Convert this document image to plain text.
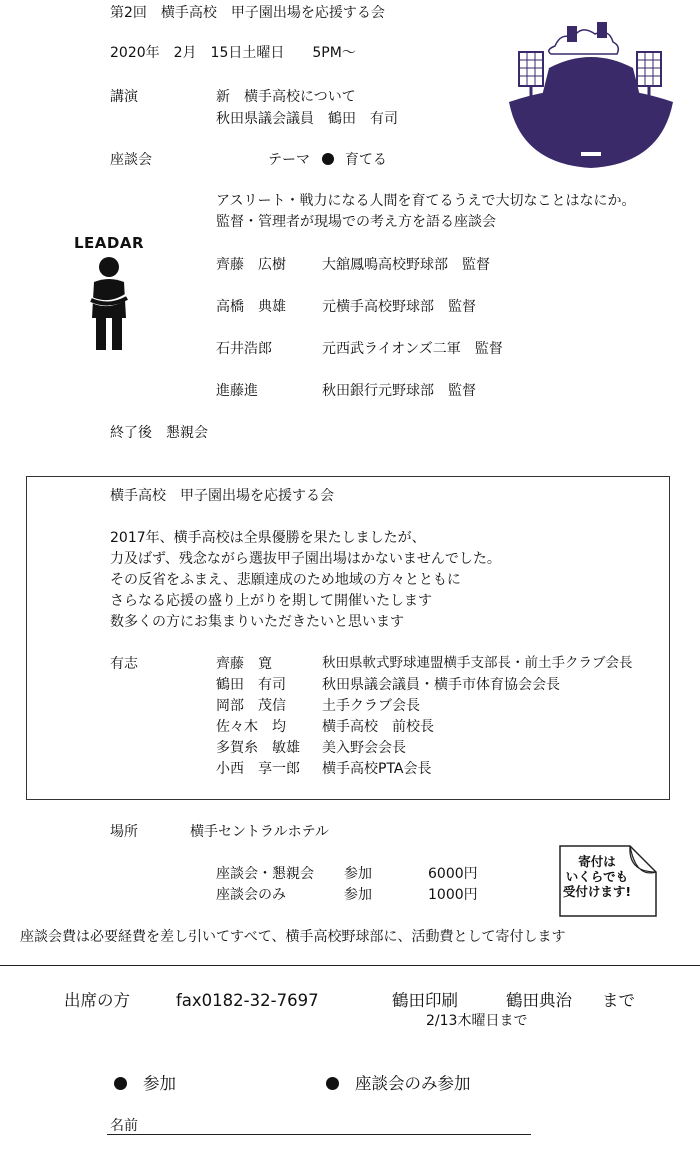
第2回　横手高校　甲子園出場を応援する会
2020年　2月　15日土曜日　　5PM～
講演	新　横手高校について
秋田県議会議員　鶴田　有司
座談会	テーマ 育てる
アスリート・戦力になる人間を育てるうえで大切なことはなにか。
監督・管理者が現場での考え方を語る座談会
LEADAR
齊藤　広樹	大舘鳳鳴高校野球部　監督
高橋　典雄	元横手高校野球部　監督
石井浩郎	元西武ライオンズ二軍　監督
進藤進	秋田銀行元野球部　監督
終了後　懇親会
横手高校　甲子園出場を応援する会
2017年、横手高校は全県優勝を果たしましたが、
力及ばず、残念ながら選抜甲子園出場はかないませんでした。
その反省をふまえ、悲願達成のため地域の方々とともに
さらなる応援の盛り上がりを期して開催いたします
数多くの方にお集まりいただきたいと思います
有志	齊藤　寛	秋田県軟式野球連盟横手支部長・前土手クラブ会長
鶴田　有司	秋田県議会議員・横手市体育協会会長
岡部　茂信	土手クラブ会長
佐々木　均	横手高校　前校長
多賀糸　敏雄 美入野会会長
小西　享一郎 横手高校PTA会長
場所	横手セントラルホテル
座談会・懇親会 参加	6000円
座談会のみ	参加	1000円
寄付は
いくらでも
受付けます!
座談会費は必要経費を差し引いてすべて、横手高校野球部に、活動費として寄付します
出席の方	fax0182-32-7697	鶴田印刷	鶴田典治 まで
2/13木曜日まで
参加	座談会のみ参加
名前
